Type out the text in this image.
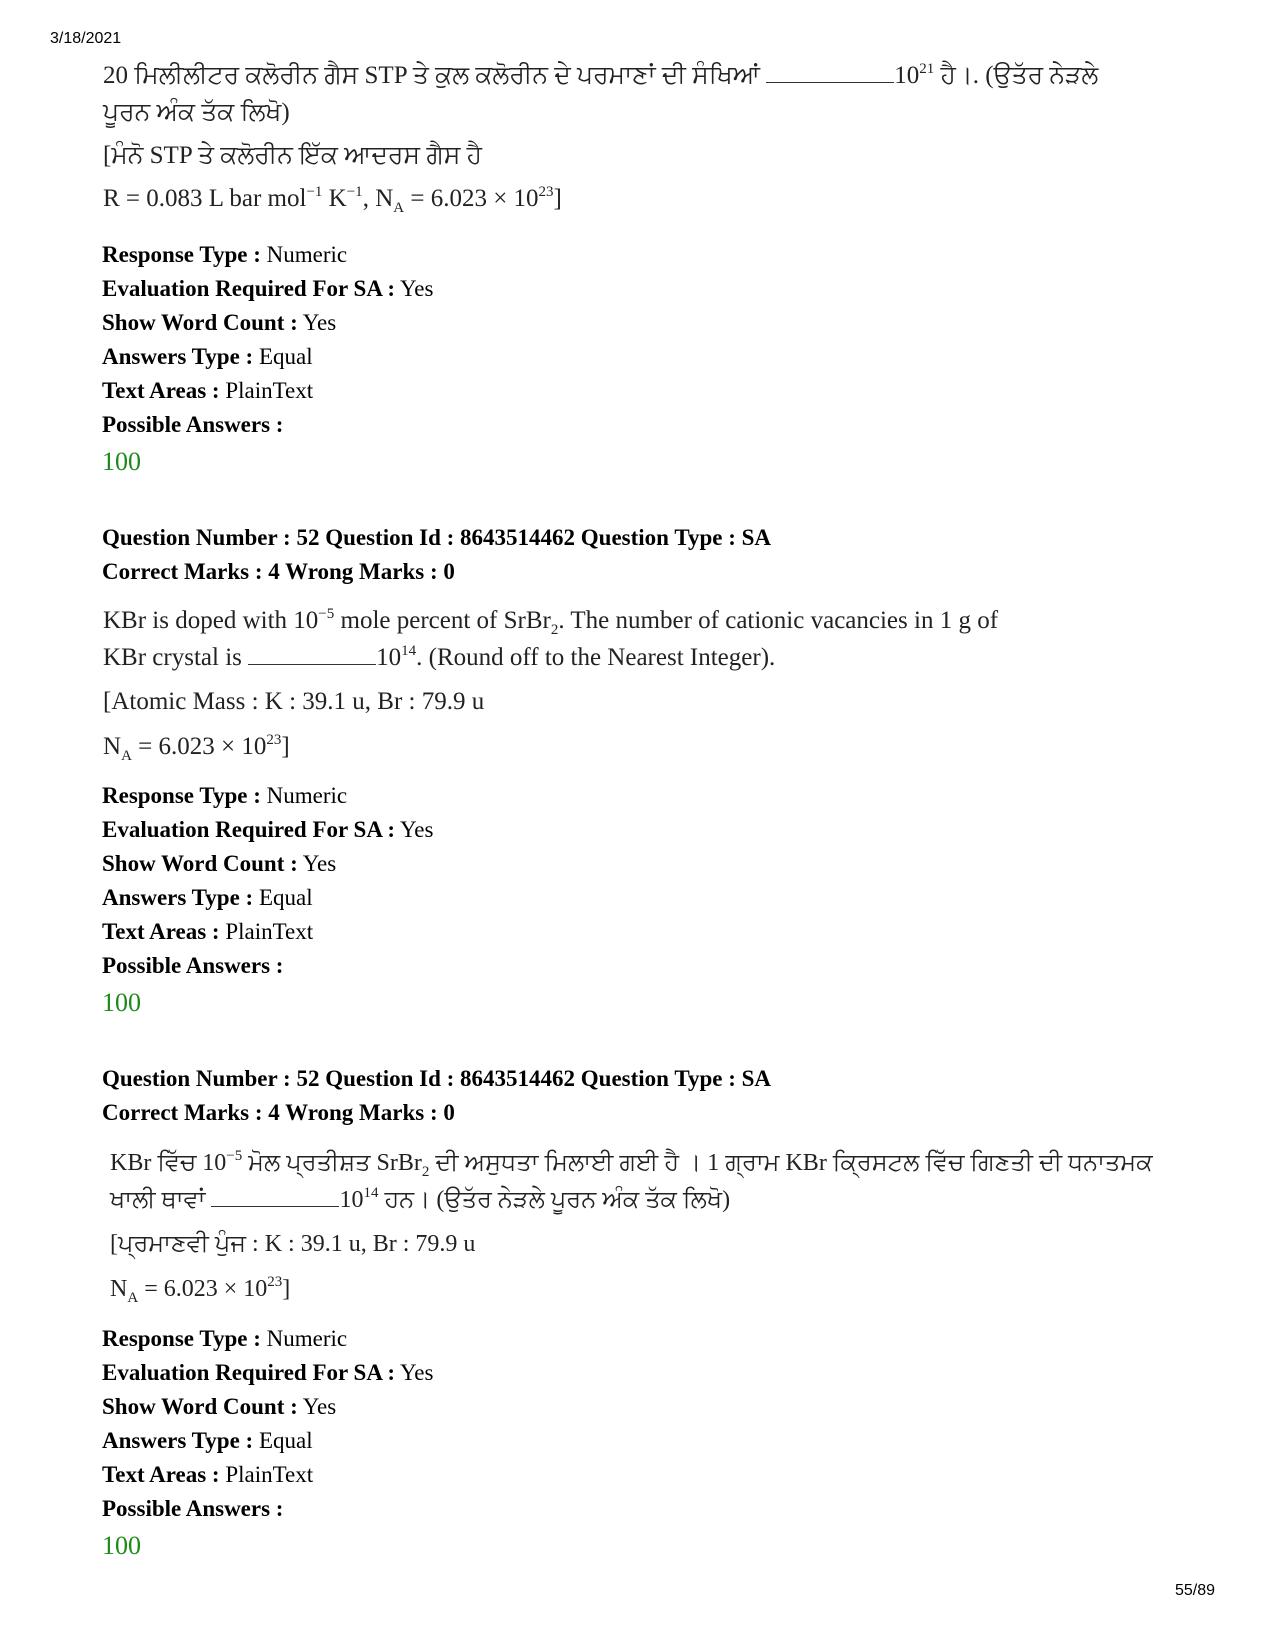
3/18/2021
20 ਮਿਲੀਲੀਟਰ ਕਲੋਰੀਨ ਗੈਸ STP ਤੇ ਕੁਲ ਕਲੋਰੀਨ ਦੇ ਪਰਮਾਣਾਂ ਦੀ ਸੰਖਿਆਂ	$10^{21}$ ਹੈ।. (ਉਤੱਰ ਨੇੜਲੇ
ਪੂਰਨ ਅੰਕ ਤੱਕ ਲਿਖੋ)
[ਮੰਨੋ STP ਤੇ ਕਲੋਰੀਨ ਇੱਕ ਆਦਰਸ ਗੈਸ ਹੈ
R = 0.083 L bar mol$^{-1}$ $K^{-1}$, $N_A = 6.023 \times 10^{23}$]
Response Type : Numeric
Evaluation Required For SA : Yes
Show Word Count : Yes
Answers Type : Equal
Text Areas : PlainText
Possible Answers :
100
Question Number : 52 Question Id : 8643514462 Question Type : SA
Correct Marks : 4 Wrong Marks : 0
KBr is doped with $10^{-5}$ mole percent of SrBr$_2$. The number of cationic vacancies in 1 g of
KBr crystal is	$10^{14}$. (Round off to the Nearest Integer).
[Atomic Mass : K : 39.1 u, Br : 79.9 u
$N_A = 6.023 \times 10^{23}$]
Response Type : Numeric
Evaluation Required For SA : Yes
Show Word Count : Yes
Answers Type : Equal
Text Areas : PlainText
Possible Answers :
100
Question Number : 52 Question Id : 8643514462 Question Type : SA
Correct Marks : 4 Wrong Marks : 0
KBr ਵਿੱਚ $10^{-5}$ ਮੋਲ ਪ੍ਰਤੀਸ਼ਤ SrBr$_2$ ਦੀ ਅਸੁਧਤਾ ਮਿਲਾਈ ਗਈ ਹੈ । 1 ਗ੍ਰਾਮ KBr ਕ੍ਰਿਸਟਲ ਵਿੱਚ ਗਿਣਤੀ ਦੀ ਧਨਾਤਮਕ
ਖਾਲੀ ਥਾਵਾਂ	$10^{14}$ ਹਨ। (ਉਤੱਰ ਨੇੜਲੇ ਪੂਰਨ ਅੰਕ ਤੱਕ ਲਿਖੋ)
[ਪ੍ਰਮਾਣਵੀ ਪੁੰਜ : K : 39.1 u, Br : 79.9 u
$N_A = 6.023 \times 10^{23}$]
Response Type : Numeric
Evaluation Required For SA : Yes
Show Word Count : Yes
Answers Type : Equal
Text Areas : PlainText
Possible Answers :
100
55/89
